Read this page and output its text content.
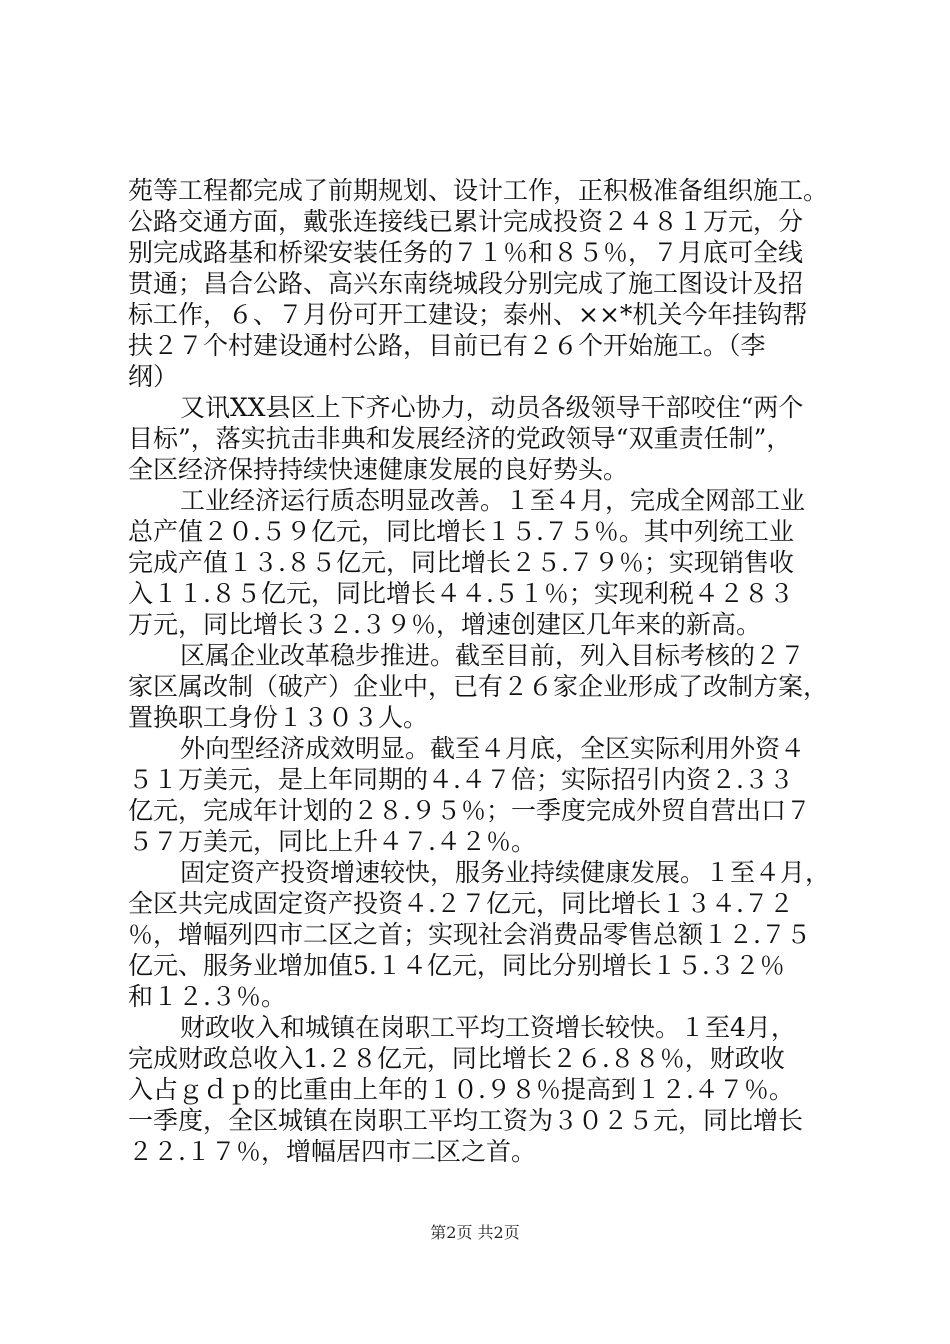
苑等工程都完成了前期规划、设计工作，正积极准备组织施工。
公路交通方面，戴张连接线已累计完成投资２４８１万元，分
别完成路基和桥梁安装任务的７１％和８５％，７月底可全线
贯通；昌合公路、高兴东南绕城段分别完成了施工图设计及招
标工作，６、７月份可开工建设；泰州、××*机关今年挂钩帮
扶２７个村建设通村公路，目前已有２６个开始施工。（李
纲）
又讯XX县区上下齐心协力，动员各级领导干部咬住“两个
目标”，落实抗击非典和发展经济的党政领导“双重责任制”，
全区经济保持持续快速健康发展的良好势头。
工业经济运行质态明显改善。１至４月，完成全网部工业
总产值２０.５９亿元，同比增长１５.７５％。其中列统工业
完成产值１３.８５亿元，同比增长２５.７９％；实现销售收
入１１.８５亿元，同比增长４４.５１％；实现利税４２８３
万元，同比增长３２.３９％，增速创建区几年来的新高。
区属企业改革稳步推进。截至目前，列入目标考核的２７
家区属改制（破产）企业中，已有２６家企业形成了改制方案，
置换职工身份１３０３人。
外向型经济成效明显。截至４月底，全区实际利用外资４
５１万美元，是上年同期的４.４７倍；实际招引内资２.３３
亿元，完成年计划的２８.９５％；一季度完成外贸自营出口７
５７万美元，同比上升４７.４２％。
固定资产投资增速较快，服务业持续健康发展。１至４月，
全区共完成固定资产投资４.２７亿元，同比增长１３４.７２
％，增幅列四市二区之首；实现社会消费品零售总额１２.７５
亿元、服务业增加值5.１４亿元，同比分别增长１５.３２％
和１２.３％。
财政收入和城镇在岗职工平均工资增长较快。１至4月，
完成财政总收入1.２８亿元，同比增长２６.８８％，财政收
入占ｇｄｐ的比重由上年的１０.９８％提高到１２.４７％。
一季度，全区城镇在岗职工平均工资为３０２５元，同比增长
２２.１７％，增幅居四市二区之首。
第2页 共2页
